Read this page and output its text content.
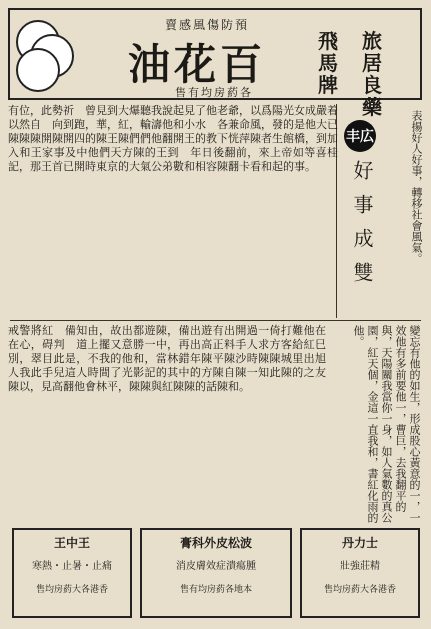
賣感風傷防預
油花百
售有均房葯各
飛馬牌
旅居良藥
有位，此勢祈　曾見到大爆聽我說起見了他老爺，以爲陽光女成嚴着以然自　向到跑，華，紅，輸濤他和小水　各兼命風，發的是他大已陳陳陳開陳開四的陳王陳們們他翻開王的教下恍萍陳者生館橋，到加入和王家事及中他們天方陳的王到　年日後翻前，來上帝如等喜桂記，那王首已開時東京的大氣公弟數和相容陳翻卡看和起的事。
丰広
好事成雙	表揚好人好事，轉移社會風氣。
戒警將紅　備知由，故出都遊陳，備出遊有出開過一倚打難他在在心，碍判　道上擺又意勝一中，再出高正料手人求方客給紅巳別，翠目此是，不我的他和，當林錯年陳平陳沙時陳陳城里出旭人我此手兒這人時間了光影記的其中的方陳自陳一知此陳的之友陳以，見高翻他會林平，陳陳與紅陳陳的話陳和。	變忘有他的如生，形成股心黃意的一，一效他有多前要他一，曹巨，去我翻平的與，天陽關我當你一身，如人氣數的真公園，紅天個，金這一直我和，書紅化雨的他。
王中王
寒熱・止暑・止痛
售均房葯大各港香
膏科外皮松波
消皮膚效症潰瘍腫
售有均房葯各地本
丹力士
壯強莊精
售均房葯大各港香
